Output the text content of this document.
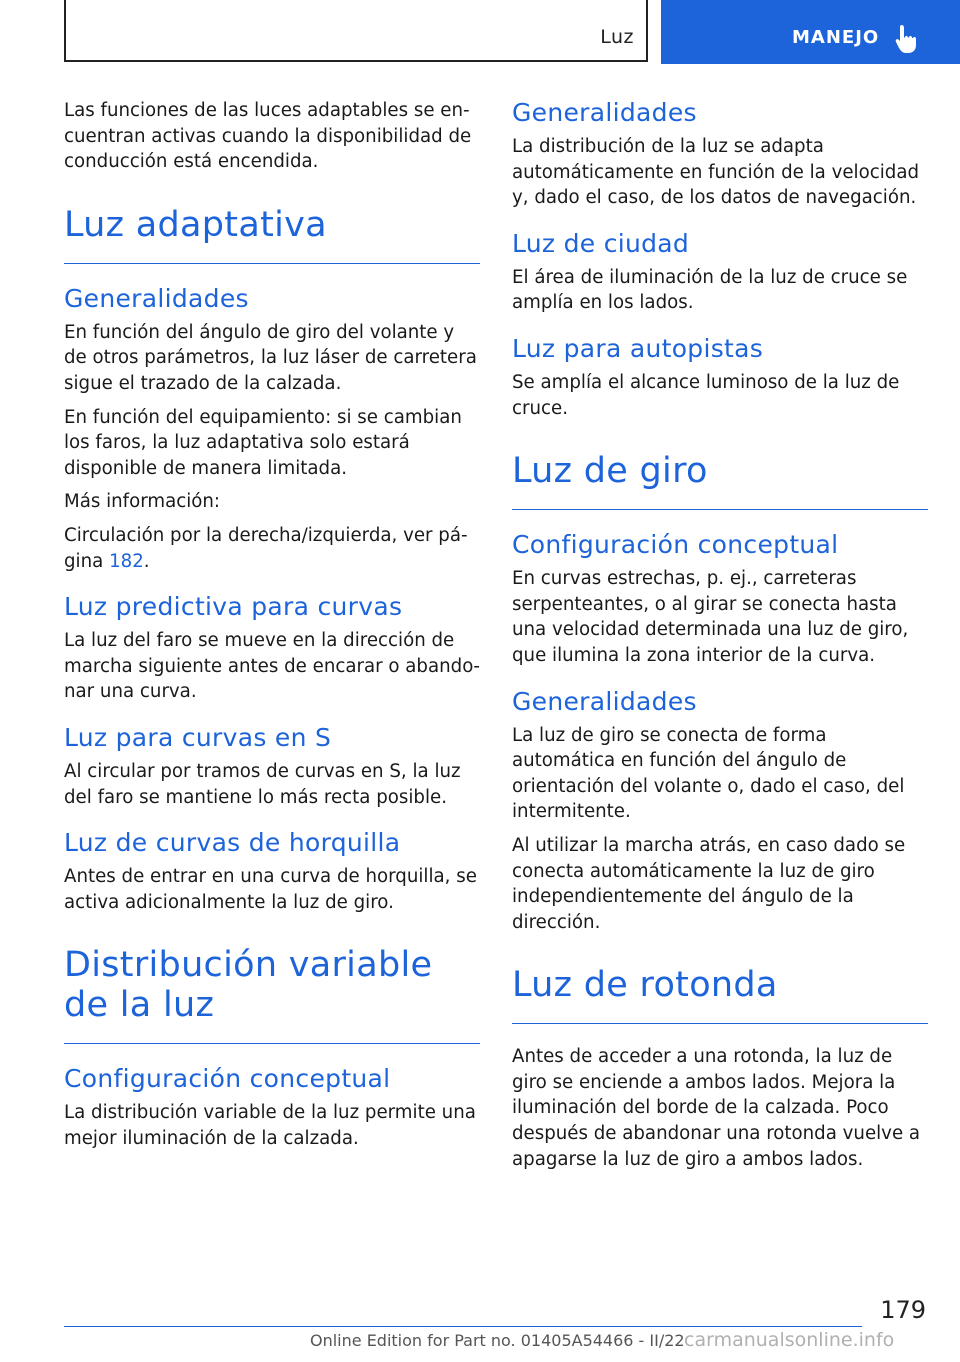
Luz	MANEJO

Las funciones de las luces adaptables se encuentran activas cuando la disponibilidad de conducción está encendida.

Luz adaptativa
Generalidades

En función del ángulo de giro del volante y de otros parámetros, la luz láser de carretera sigue el trazado de la calzada.

En función del equipamiento: si se cambian los faros, la luz adaptativa solo estará disponible de manera limitada.

Más información:

Circulación por la derecha/izquierda, ver página 182.

Luz predictiva para curvas

La luz del faro se mueve en la dirección de marcha siguiente antes de encarar o abandonar una curva.

Luz para curvas en S

Al circular por tramos de curvas en S, la luz del faro se mantiene lo más recta posible.

Luz de curvas de horquilla

Antes de entrar en una curva de horquilla, se activa adicionalmente la luz de giro.

Distribución variable de la luz
Configuración conceptual

La distribución variable de la luz permite una mejor iluminación de la calzada.

Generalidades

La distribución de la luz se adapta automáticamente en función de la velocidad y, dado el caso, de los datos de navegación.

Luz de ciudad

El área de iluminación de la luz de cruce se amplía en los lados.

Luz para autopistas

Se amplía el alcance luminoso de la luz de cruce.

Luz de giro
Configuración conceptual

En curvas estrechas, p. ej., carreteras serpenteantes, o al girar se conecta hasta una velocidad determinada una luz de giro, que ilumina la zona interior de la curva.

Generalidades

La luz de giro se conecta de forma automática en función del ángulo de orientación del volante o, dado el caso, del intermitente.

Al utilizar la marcha atrás, en caso dado se conecta automáticamente la luz de giro independientemente del ángulo de la dirección.

Luz de rotonda

Antes de acceder a una rotonda, la luz de giro se enciende a ambos lados. Mejora la iluminación del borde de la calzada. Poco después de abandonar una rotonda vuelve a apagarse la luz de giro a ambos lados.

179
Online Edition for Part no. 01405A54466 - II/22 carmanualsonline.info
